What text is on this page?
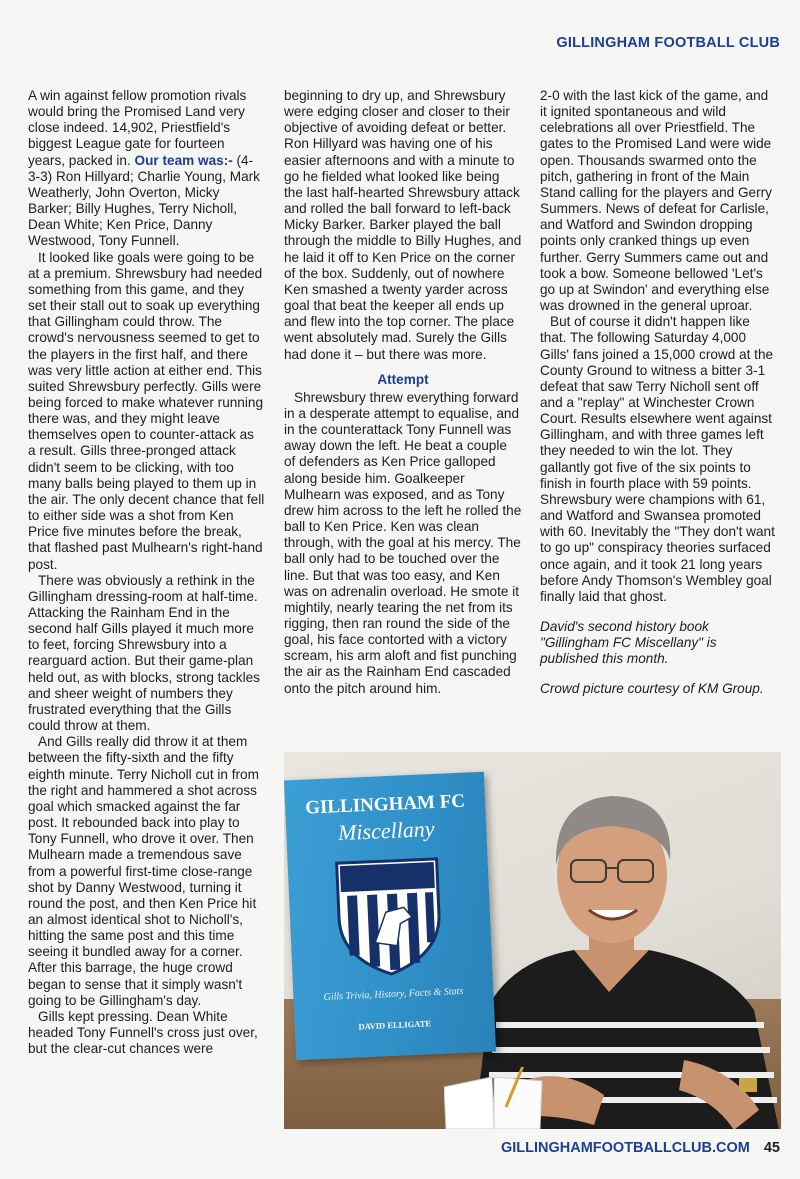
GILLINGHAM FOOTBALL CLUB

A win against fellow promotion rivals would bring the Promised Land very close indeed. 14,902, Priestfield's biggest League gate for fourteen years, packed in. Our team was:- (4-3-3) Ron Hillyard; Charlie Young, Mark Weatherly, John Overton, Micky Barker; Billy Hughes, Terry Nicholl, Dean White; Ken Price, Danny Westwood, Tony Funnell.

It looked like goals were going to be at a premium. Shrewsbury had needed something from this game, and they set their stall out to soak up everything that Gillingham could throw. The crowd's nervousness seemed to get to the players in the first half, and there was very little action at either end. This suited Shrewsbury perfectly. Gills were being forced to make whatever running there was, and they might leave themselves open to counter-attack as a result. Gills three-pronged attack didn't seem to be clicking, with too many balls being played to them up in the air. The only decent chance that fell to either side was a shot from Ken Price five minutes before the break, that flashed past Mulhearn's right-hand post.

There was obviously a rethink in the Gillingham dressing-room at half-time. Attacking the Rainham End in the second half Gills played it much more to feet, forcing Shrewsbury into a rearguard action. But their game-plan held out, as with blocks, strong tackles and sheer weight of numbers they frustrated everything that the Gills could throw at them.

And Gills really did throw it at them between the fifty-sixth and the fifty eighth minute. Terry Nicholl cut in from the right and hammered a shot across goal which smacked against the far post. It rebounded back into play to Tony Funnell, who drove it over. Then Mulhearn made a tremendous save from a powerful first-time close-range shot by Danny Westwood, turning it round the post, and then Ken Price hit an almost identical shot to Nicholl's, hitting the same post and this time seeing it bundled away for a corner. After this barrage, the huge crowd began to sense that it simply wasn't going to be Gillingham's day.

Gills kept pressing. Dean White headed Tony Funnell's cross just over, but the clear-cut chances were

beginning to dry up, and Shrewsbury were edging closer and closer to their objective of avoiding defeat or better. Ron Hillyard was having one of his easier afternoons and with a minute to go he fielded what looked like being the last half-hearted Shrewsbury attack and rolled the ball forward to left-back Micky Barker. Barker played the ball through the middle to Billy Hughes, and he laid it off to Ken Price on the corner of the box. Suddenly, out of nowhere Ken smashed a twenty yarder across goal that beat the keeper all ends up and flew into the top corner. The place went absolutely mad. Surely the Gills had done it – but there was more.

Attempt

Shrewsbury threw everything forward in a desperate attempt to equalise, and in the counterattack Tony Funnell was away down the left. He beat a couple of defenders as Ken Price galloped along beside him. Goalkeeper Mulhearn was exposed, and as Tony drew him across to the left he rolled the ball to Ken Price. Ken was clean through, with the goal at his mercy. The ball only had to be touched over the line. But that was too easy, and Ken was on adrenalin overload. He smote it mightily, nearly tearing the net from its rigging, then ran round the side of the goal, his face contorted with a victory scream, his arm aloft and fist punching the air as the Rainham End cascaded onto the pitch around him.

2-0 with the last kick of the game, and it ignited spontaneous and wild celebrations all over Priestfield. The gates to the Promised Land were wide open. Thousands swarmed onto the pitch, gathering in front of the Main Stand calling for the players and Gerry Summers. News of defeat for Carlisle, and Watford and Swindon dropping points only cranked things up even further. Gerry Summers came out and took a bow. Someone bellowed 'Let's go up at Swindon' and everything else was drowned in the general uproar.

But of course it didn't happen like that. The following Saturday 4,000 Gills' fans joined a 15,000 crowd at the County Ground to witness a bitter 3-1 defeat that saw Terry Nicholl sent off and a "replay" at Winchester Crown Court. Results elsewhere went against Gillingham, and with three games left they needed to win the lot. They gallantly got five of the six points to finish in fourth place with 59 points. Shrewsbury were champions with 61, and Watford and Swansea promoted with 60. Inevitably the "They don't want to go up" conspiracy theories surfaced once again, and it took 21 long years before Andy Thomson's Wembley goal finally laid that ghost.

David's second history book "Gillingham FC Miscellany" is published this month.

Crowd picture courtesy of KM Group.

GILLINGHAM FC
Miscellany
Gills Trivia, History, Facts & Stats
DAVID ELLIGATE
GILLINGHAMFOOTBALLCLUB.COM 45
